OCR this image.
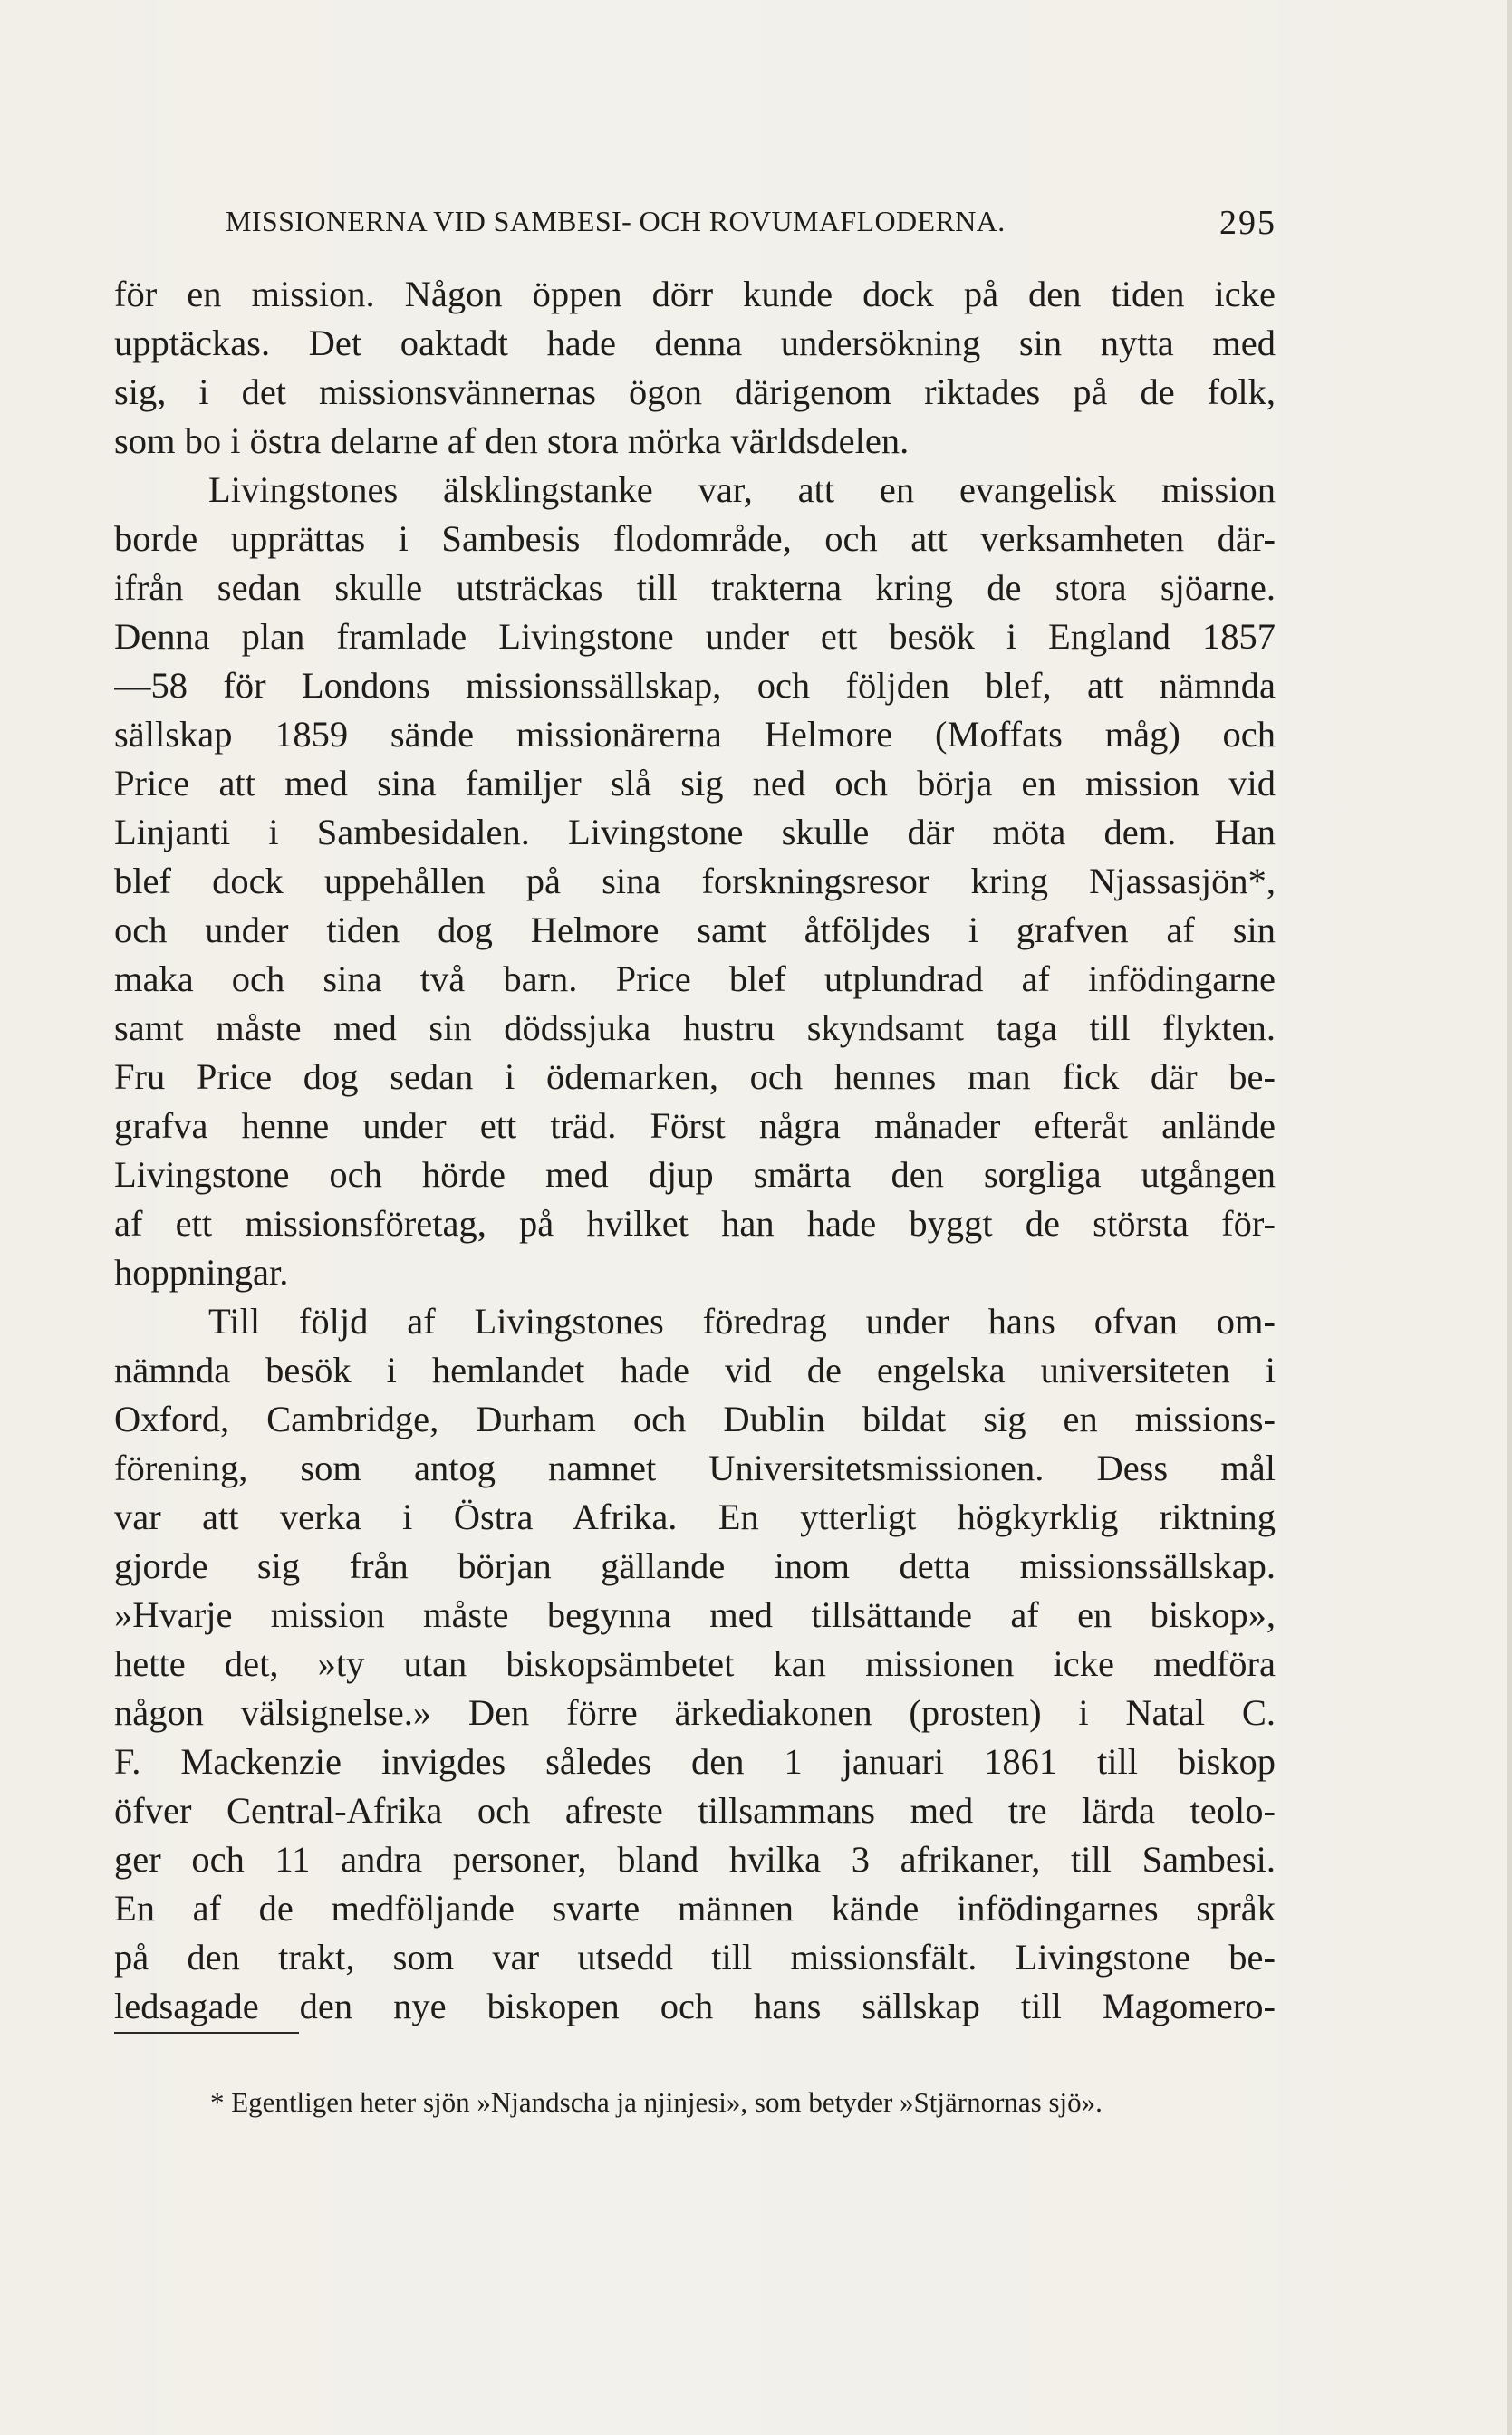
MISSIONERNA VID SAMBESI- OCH ROVUMAFLODERNA.	295
för en mission. Någon öppen dörr kunde dock på den tiden icke
upptäckas. Det oaktadt hade denna undersökning sin nytta med
sig, i det missionsvännernas ögon därigenom riktades på de folk,
som bo i östra delarne af den stora mörka världsdelen.
Livingstones älsklingstanke var, att en evangelisk mission
borde upprättas i Sambesis flodområde, och att verksamheten där-
ifrån sedan skulle utsträckas till trakterna kring de stora sjöarne.
Denna plan framlade Livingstone under ett besök i England 1857
—58 för Londons missionssällskap, och följden blef, att nämnda
sällskap 1859 sände missionärerna Helmore (Moffats måg) och
Price att med sina familjer slå sig ned och börja en mission vid
Linjanti i Sambesidalen. Livingstone skulle där möta dem. Han
blef dock uppehållen på sina forskningsresor kring Njassasjön*,
och under tiden dog Helmore samt åtföljdes i grafven af sin
maka och sina två barn. Price blef utplundrad af infödingarne
samt måste med sin dödssjuka hustru skyndsamt taga till flykten.
Fru Price dog sedan i ödemarken, och hennes man fick där be-
grafva henne under ett träd. Först några månader efteråt anlände
Livingstone och hörde med djup smärta den sorgliga utgången
af ett missionsföretag, på hvilket han hade byggt de största för-
hoppningar.
Till följd af Livingstones föredrag under hans ofvan om-
nämnda besök i hemlandet hade vid de engelska universiteten i
Oxford, Cambridge, Durham och Dublin bildat sig en missions-
förening, som antog namnet Universitetsmissionen. Dess mål
var att verka i Östra Afrika. En ytterligt högkyrklig riktning
gjorde sig från början gällande inom detta missionssällskap.
»Hvarje mission måste begynna med tillsättande af en biskop»,
hette det, »ty utan biskopsämbetet kan missionen icke medföra
någon välsignelse.» Den förre ärkediakonen (prosten) i Natal C.
F. Mackenzie invigdes således den 1 januari 1861 till biskop
öfver Central-Afrika och afreste tillsammans med tre lärda teolo-
ger och 11 andra personer, bland hvilka 3 afrikaner, till Sambesi.
En af de medföljande svarte männen kände infödingarnes språk
på den trakt, som var utsedd till missionsfält. Livingstone be-
ledsagade den nye biskopen och hans sällskap till Magomero-
* Egentligen heter sjön »Njandscha ja njinjesi», som betyder »Stjärnornas sjö».
